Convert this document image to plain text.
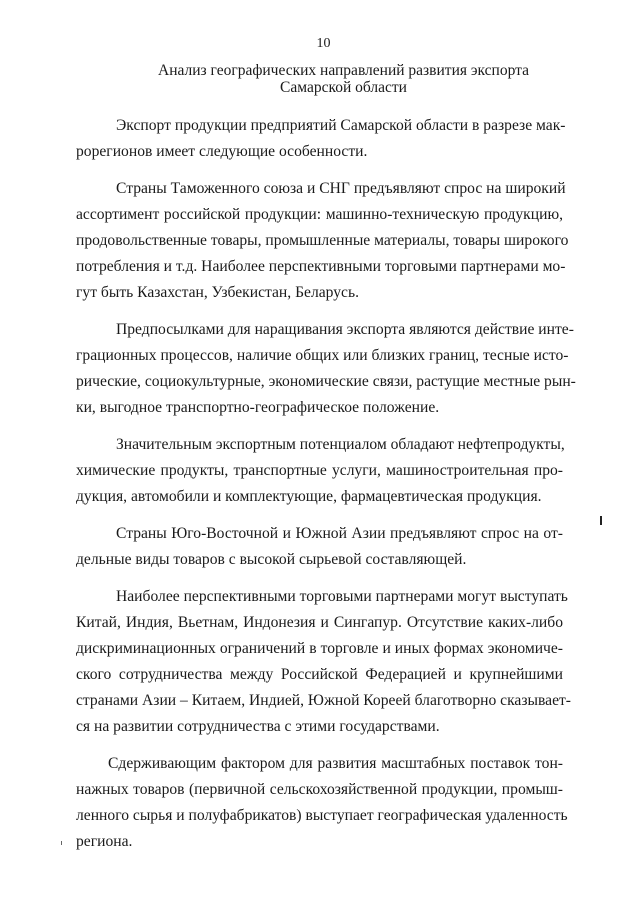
10
Анализ географических направлений развития экспорта
Самарской области
Экспорт продукции предприятий Самарской области в разрезе мак-
рорегионов имеет следующие особенности.
Страны Таможенного союза и СНГ предъявляют спрос на широкий
ассортимент российской продукции: машинно-техническую продукцию,
продовольственные товары, промышленные материалы, товары широкого
потребления и т.д. Наиболее перспективными торговыми партнерами мо-
гут быть Казахстан, Узбекистан, Беларусь.
Предпосылками для наращивания экспорта являются действие инте-
грационных процессов, наличие общих или близких границ, тесные исто-
рические, социокультурные, экономические связи, растущие местные рын-
ки, выгодное транспортно-географическое положение.
Значительным экспортным потенциалом обладают нефтепродукты,
химические продукты, транспортные услуги, машиностроительная про-
дукция, автомобили и комплектующие, фармацевтическая продукция.
Страны Юго-Восточной и Южной Азии предъявляют спрос на от-
дельные виды товаров с высокой сырьевой составляющей.
Наиболее перспективными торговыми партнерами могут выступать
Китай, Индия, Вьетнам, Индонезия и Сингапур. Отсутствие каких-либо
дискриминационных ограничений в торговле и иных формах экономиче-
ского сотрудничества между Российской Федерацией и крупнейшими
странами Азии – Китаем, Индией, Южной Кореей благотворно сказывает-
ся на развитии сотрудничества с этими государствами.
Сдерживающим фактором для развития масштабных поставок тон-
нажных товаров (первичной сельскохозяйственной продукции, промыш-
ленного сырья и полуфабрикатов) выступает географическая удаленность
региона.
